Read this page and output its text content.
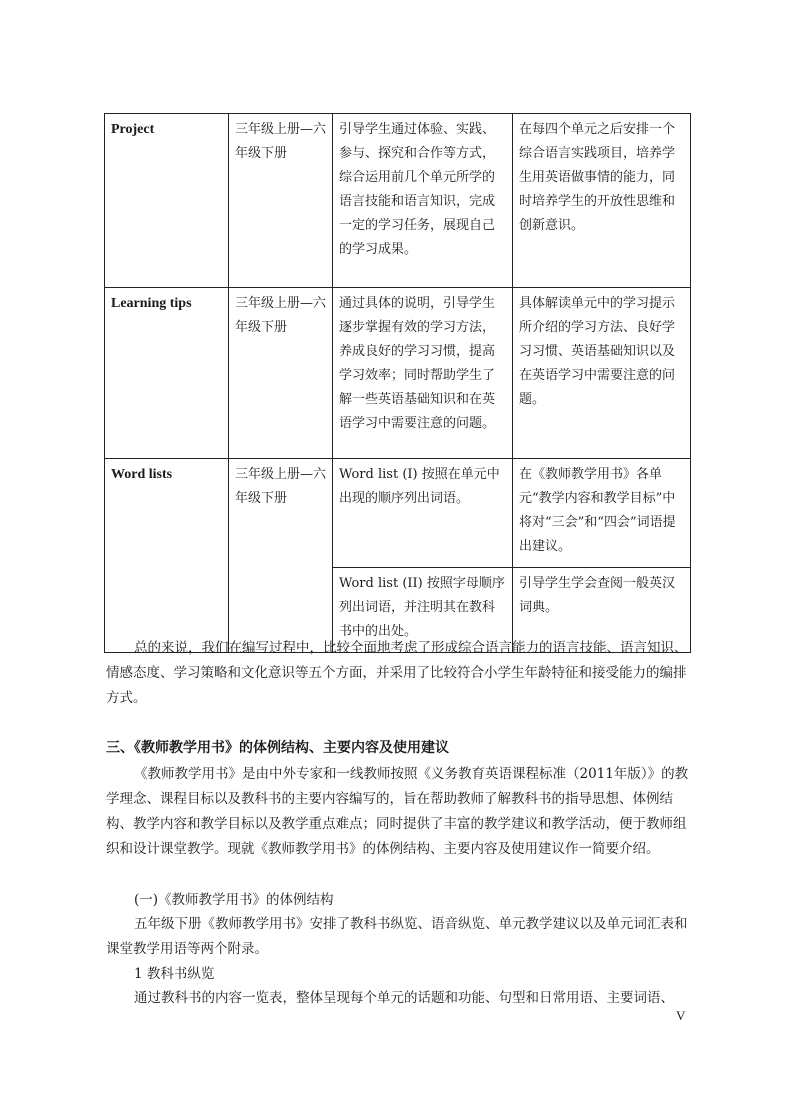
Project	三年级上册—六年级下册	引导学生通过体验、实践、参与、探究和合作等方式，综合运用前几个单元所学的语言技能和语言知识，完成一定的学习任务，展现自己的学习成果。	在每四个单元之后安排一个综合语言实践项目，培养学生用英语做事情的能力，同时培养学生的开放性思维和创新意识。
Learning tips	三年级上册—六年级下册	通过具体的说明，引导学生逐步掌握有效的学习方法，养成良好的学习习惯，提高学习效率；同时帮助学生了解一些英语基础知识和在英语学习中需要注意的问题。	具体解读单元中的学习提示所介绍的学习方法、良好学习习惯、英语基础知识以及在英语学习中需要注意的问题。
Word lists	三年级上册—六年级下册	Word list (I) 按照在单元中出现的顺序列出词语。	在《教师教学用书》各单元“教学内容和教学目标”中将对“三会”和“四会”词语提出建议。
		Word list (II) 按照字母顺序列出词语，并注明其在教科书中的出处。	引导学生学会查阅一般英汉词典。

总的来说，我们在编写过程中，比较全面地考虑了形成综合语言能力的语言技能、语言知识、情感态度、学习策略和文化意识等五个方面，并采用了比较符合小学生年龄特征和接受能力的编排方式。

三、《教师教学用书》的体例结构、主要内容及使用建议

《教师教学用书》是由中外专家和一线教师按照《义务教育英语课程标准（2011年版）》的教学理念、课程目标以及教科书的主要内容编写的，旨在帮助教师了解教科书的指导思想、体例结构、教学内容和教学目标以及教学重点难点；同时提供了丰富的教学建议和教学活动，便于教师组织和设计课堂教学。现就《教师教学用书》的体例结构、主要内容及使用建议作一简要介绍。

(一)《教师教学用书》的体例结构

五年级下册《教师教学用书》安排了教科书纵览、语音纵览、单元教学建议以及单元词汇表和课堂教学用语等两个附录。

1 教科书纵览

通过教科书的内容一览表，整体呈现每个单元的话题和功能、句型和日常用语、主要词语、

V
